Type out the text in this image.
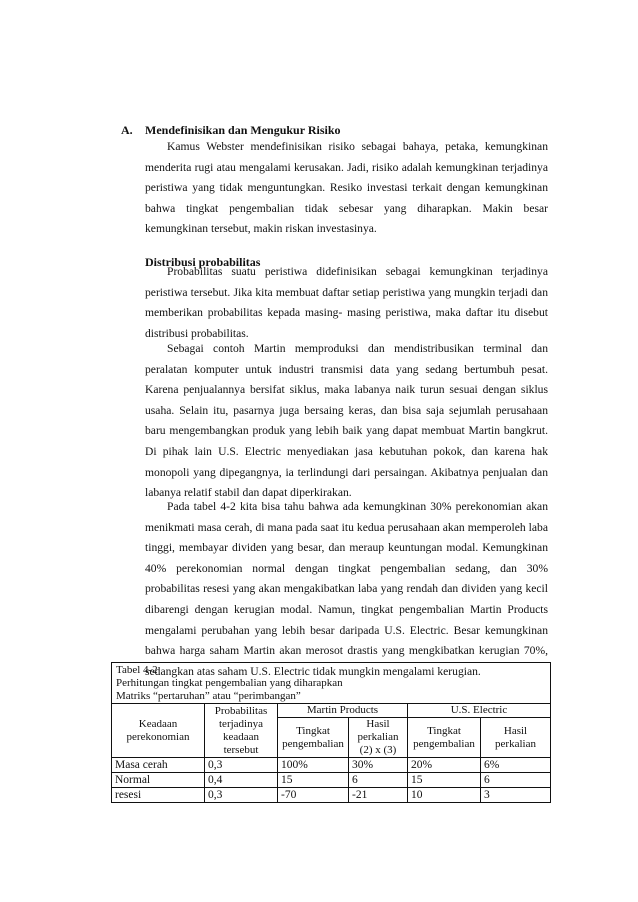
A. Mendefinisikan dan Mengukur Risiko

Kamus Webster mendefinisikan risiko sebagai bahaya, petaka, kemungkinan menderita rugi atau mengalami kerusakan. Jadi, risiko adalah kemungkinan terjadinya peristiwa yang tidak menguntungkan. Resiko investasi terkait dengan kemungkinan bahwa tingkat pengembalian tidak sebesar yang diharapkan. Makin besar kemungkinan tersebut, makin riskan investasinya.

Distribusi probabilitas

Probabilitas suatu peristiwa didefinisikan sebagai kemungkinan terjadinya peristiwa tersebut. Jika kita membuat daftar setiap peristiwa yang mungkin terjadi dan memberikan probabilitas kepada masing- masing peristiwa, maka daftar itu disebut distribusi probabilitas.

Sebagai contoh Martin memproduksi dan mendistribusikan terminal dan peralatan komputer untuk industri transmisi data yang sedang bertumbuh pesat. Karena penjualannya bersifat siklus, maka labanya naik turun sesuai dengan siklus usaha. Selain itu, pasarnya juga bersaing keras, dan bisa saja sejumlah perusahaan baru mengembangkan produk yang lebih baik yang dapat membuat Martin bangkrut. Di pihak lain U.S. Electric menyediakan jasa kebutuhan pokok, dan karena hak monopoli yang dipegangnya, ia terlindungi dari persaingan. Akibatnya penjualan dan labanya relatif stabil dan dapat diperkirakan.

Pada tabel 4-2 kita bisa tahu bahwa ada kemungkinan 30% perekonomian akan menikmati masa cerah, di mana pada saat itu kedua perusahaan akan memperoleh laba tinggi, membayar dividen yang besar, dan meraup keuntungan modal. Kemungkinan 40% perekonomian normal dengan tingkat pengembalian sedang, dan 30% probabilitas resesi yang akan mengakibatkan laba yang rendah dan dividen yang kecil dibarengi dengan kerugian modal. Namun, tingkat pengembalian Martin Products mengalami perubahan yang lebih besar daripada U.S. Electric. Besar kemungkinan bahwa harga saham Martin akan merosot drastis yang mengkibatkan kerugian 70%, sedangkan atas saham U.S. Electric tidak mungkin mengalami kerugian.

Tabel 4-2
Perhitungan tingkat pengembalian yang diharapkan
Matriks “pertaruhan” atau “perimbangan”					

Keadaan perekonomian	Probabilitas terjadinya keadaan tersebut	Martin Products		U.S. Electric	
		Tingkat pengembalian	Hasil perkalian (2) x (3)	Tingkat pengembalian	Hasil perkalian
Masa cerah	0,3	100%	30%	20%	6%
Normal	0,4	15	6	15	6
resesi	0,3	-70	-21	10	3
